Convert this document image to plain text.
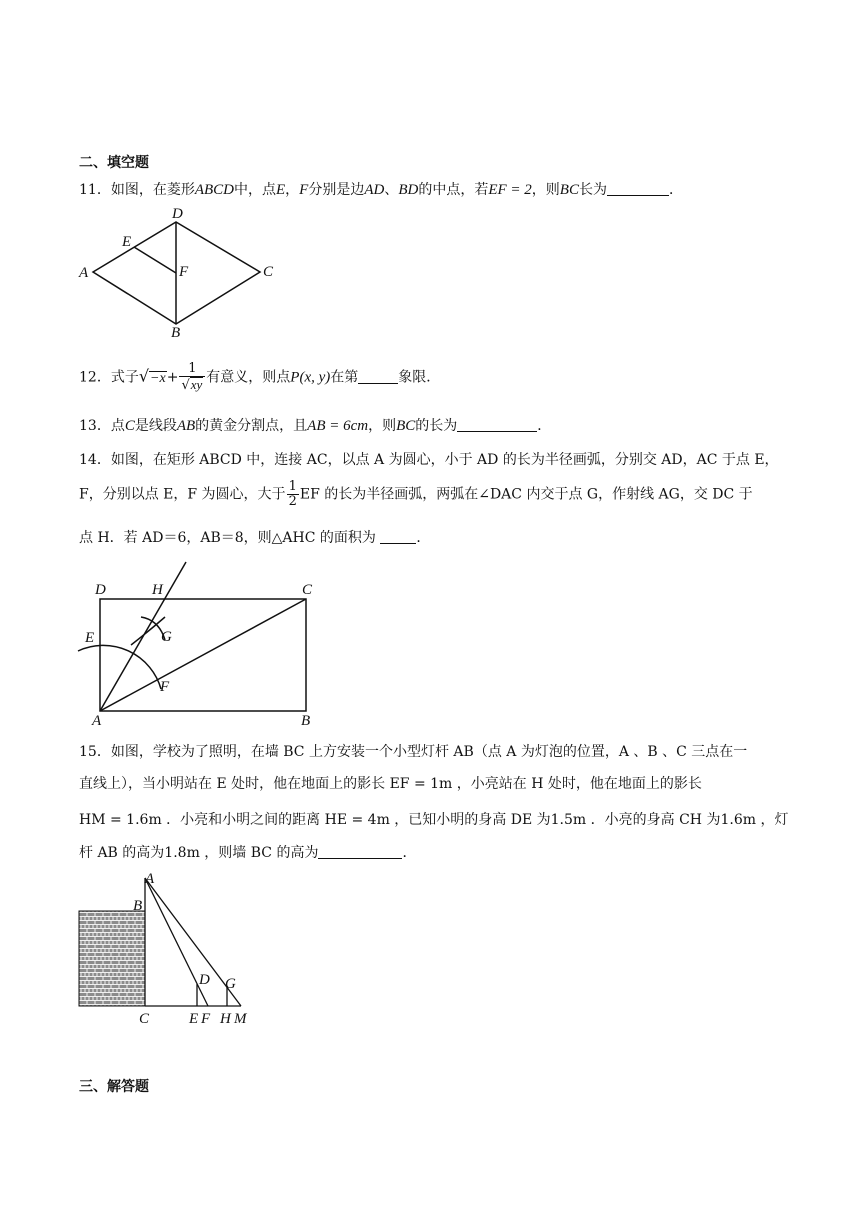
二、填空题
11．如图，在菱形ABCD中，点E，F分别是边AD、BD的中点，若EF = 2，则BC长为	．
A
B
C
D
E
F
12．式子$√-x+ \frac{1}{√xy}$ 有意义，则点P(x, y)在第	象限．
13．点C是线段AB的黄金分割点，且AB = 6cm，则BC的长为	．
14．如图，在矩形 ABCD 中，连接 AC，以点 A 为圆心，小于 AD 的长为半径画弧，分别交 AD，AC 于点 E，
F，分别以点 E，F 为圆心，大于 $\frac{1}{2}$ EF 的长为半径画弧，两弧在∠DAC 内交于点 G，作射线 AG，交 DC 于
点 H．若 AD＝6，AB＝8，则△AHC 的面积为	．
D	H	C
E	G
F
A	B
15．如图，学校为了照明，在墙 BC 上方安装一个小型灯杆 AB（点 A 为灯泡的位置，A 、B 、C 三点在一
直线上），当小明站在 E 处时，他在地面上的影长 EF = 1m ，小亮站在 H 处时，他在地面上的影长
HM = 1.6m ．小亮和小明之间的距离 HE = 4m ，已知小明的身高 DE 为1.5m ．小亮的身高 CH 为1.6m ，灯
杆 AB 的高为1.8m ，则墙 BC 的高为	．
A
B
C
D G
E F H M
三、解答题
